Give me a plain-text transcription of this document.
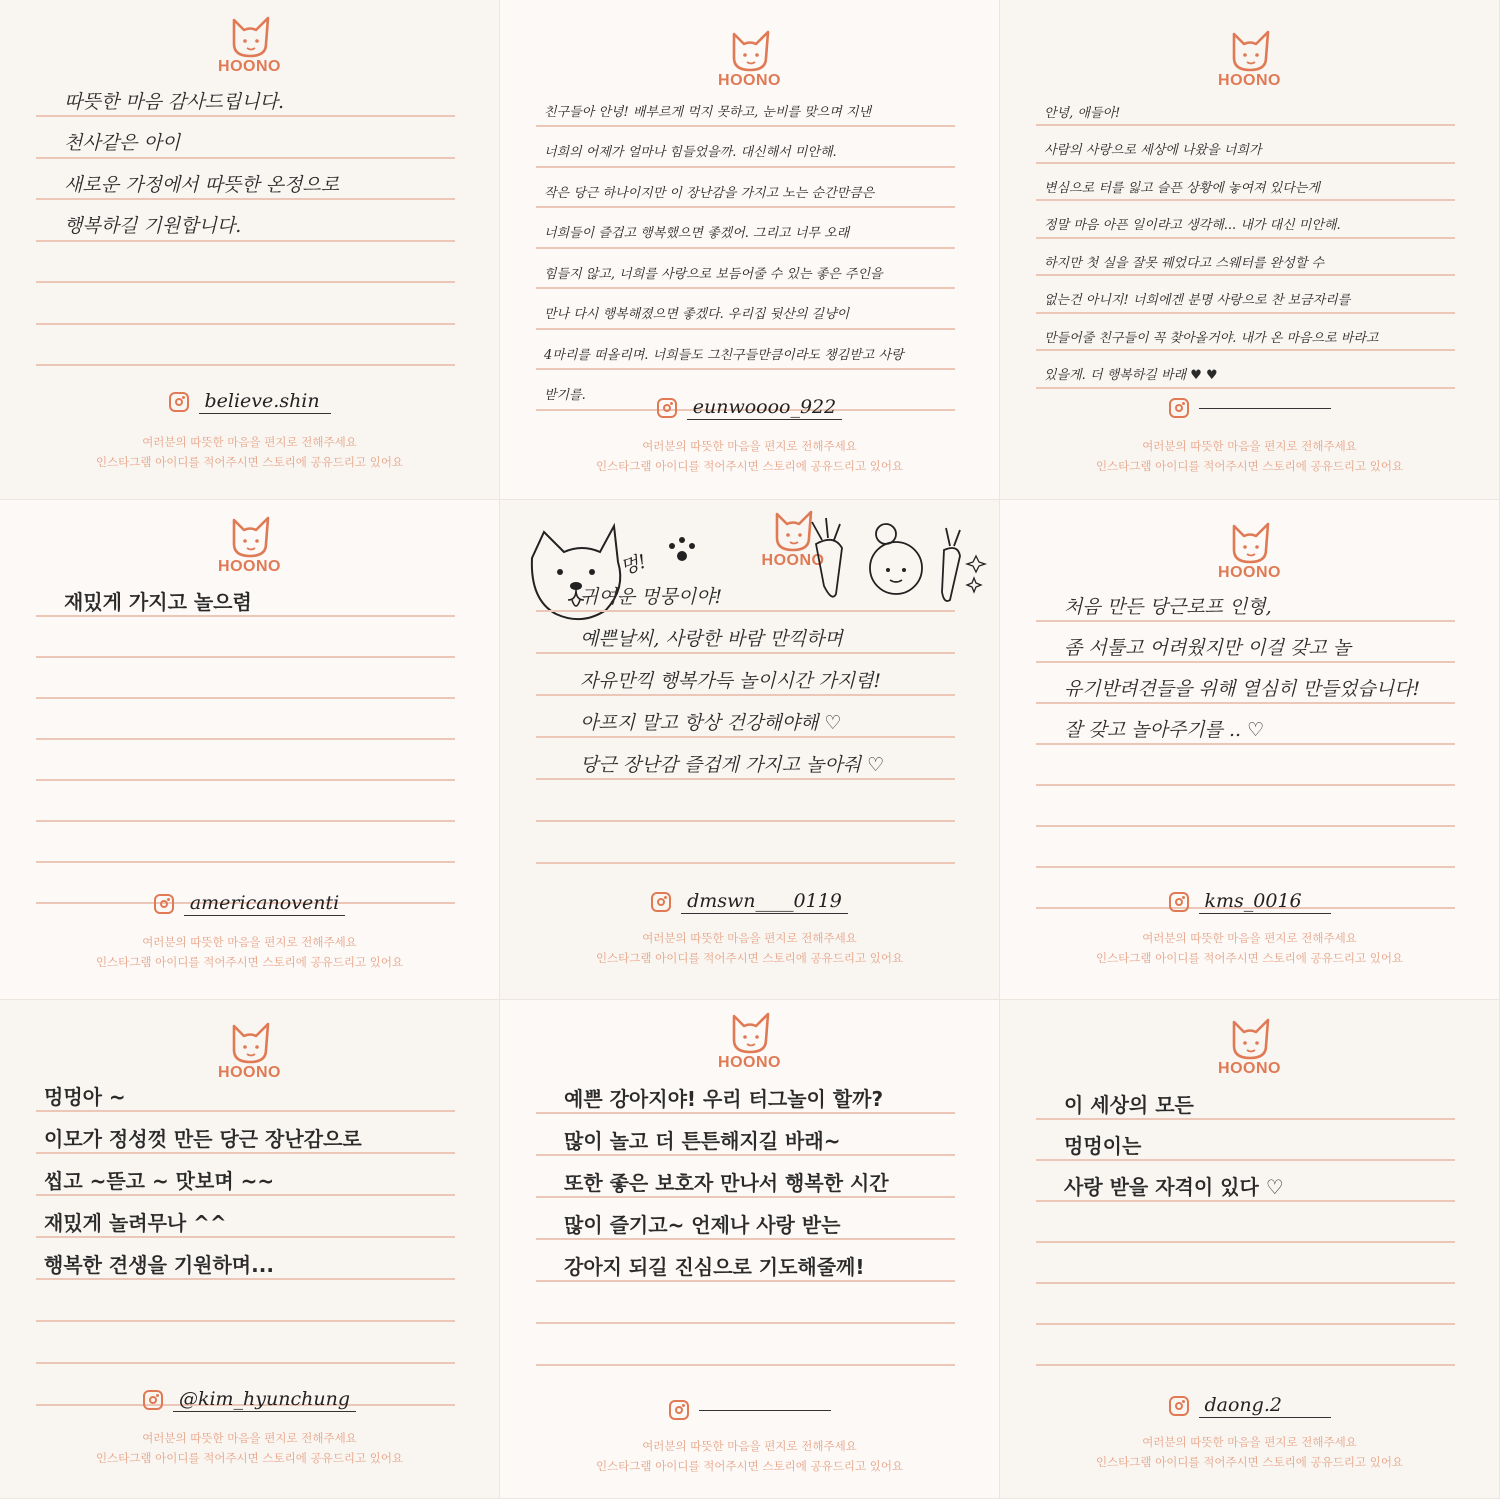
HOONO
따뜻한 마음 감사드립니다.
천사같은 아이
새로운 가정에서 따뜻한 온정으로
행복하길 기원합니다.
believe.shin
여러분의 따뜻한 마음을 편지로 전해주세요
인스타그램 아이디를 적어주시면 스토리에 공유드리고 있어요
HOONO
친구들아 안녕! 배부르게 먹지 못하고, 눈비를 맞으며 지낸
너희의 어제가 얼마나 힘들었을까. 대신해서 미안해.
작은 당근 하나이지만 이 장난감을 가지고 노는 순간만큼은
너희들이 즐겁고 행복했으면 좋겠어. 그리고 너무 오래
힘들지 않고, 너희를 사랑으로 보듬어줄 수 있는 좋은 주인을
만나 다시 행복해졌으면 좋겠다. 우리집 뒷산의 길냥이
4마리를 떠올리며. 너희들도 그친구들만큼이라도 챙김받고 사랑
받기를.
eunwoooo_922
여러분의 따뜻한 마음을 편지로 전해주세요
인스타그램 아이디를 적어주시면 스토리에 공유드리고 있어요
HOONO
안녕, 애들아!
사람의 사랑으로 세상에 나왔을 너희가
변심으로 터를 잃고 슬픈 상황에 놓여져 있다는게
정말 마음 아픈 일이라고 생각해... 내가 대신 미안해.
하지만 첫 실을 잘못 꿰었다고 스웨터를 완성할 수
없는건 아니지! 너희에겐 분명 사랑으로 찬 보금자리를
만들어줄 친구들이 꼭 찾아올거야. 내가 온 마음으로 바라고
있을게. 더 행복하길 바래 ♥ ♥
여러분의 따뜻한 마음을 편지로 전해주세요
인스타그램 아이디를 적어주시면 스토리에 공유드리고 있어요
HOONO
재밌게 가지고 놀으렴
americanoventi
여러분의 따뜻한 마음을 편지로 전해주세요
인스타그램 아이디를 적어주시면 스토리에 공유드리고 있어요
HOONO
멍!
귀여운 멍뭉이야!
예쁜날씨, 사랑한 바람 만끽하며
자유만끽 행복가득 놀이시간 가지렴!
아프지 말고 항상 건강해야해 ♡
당근 장난감 즐겁게 가지고 놀아줘 ♡
dmswn____0119
여러분의 따뜻한 마음을 편지로 전해주세요
인스타그램 아이디를 적어주시면 스토리에 공유드리고 있어요
HOONO
처음 만든 당근로프 인형,
좀 서툴고 어려웠지만 이걸 갖고 놀
유기반려견들을 위해 열심히 만들었습니다!
잘 갖고 놀아주기를 .. ♡
kms_0016
여러분의 따뜻한 마음을 편지로 전해주세요
인스타그램 아이디를 적어주시면 스토리에 공유드리고 있어요
HOONO
멍멍아 ~
이모가 정성껏 만든 당근 장난감으로
씹고 ~뜯고 ~ 맛보며 ~~
재밌게 놀려무나 ^^
행복한 견생을 기원하며...
@kim_hyunchung
여러분의 따뜻한 마음을 편지로 전해주세요
인스타그램 아이디를 적어주시면 스토리에 공유드리고 있어요
HOONO
예쁜 강아지야! 우리 터그놀이 할까?
많이 놀고 더 튼튼해지길 바래~
또한 좋은 보호자 만나서 행복한 시간
많이 즐기고~ 언제나 사랑 받는
강아지 되길 진심으로 기도해줄께!
여러분의 따뜻한 마음을 편지로 전해주세요
인스타그램 아이디를 적어주시면 스토리에 공유드리고 있어요
HOONO
이 세상의 모든
멍멍이는
사랑 받을 자격이 있다 ♡
daong.2
여러분의 따뜻한 마음을 편지로 전해주세요
인스타그램 아이디를 적어주시면 스토리에 공유드리고 있어요
